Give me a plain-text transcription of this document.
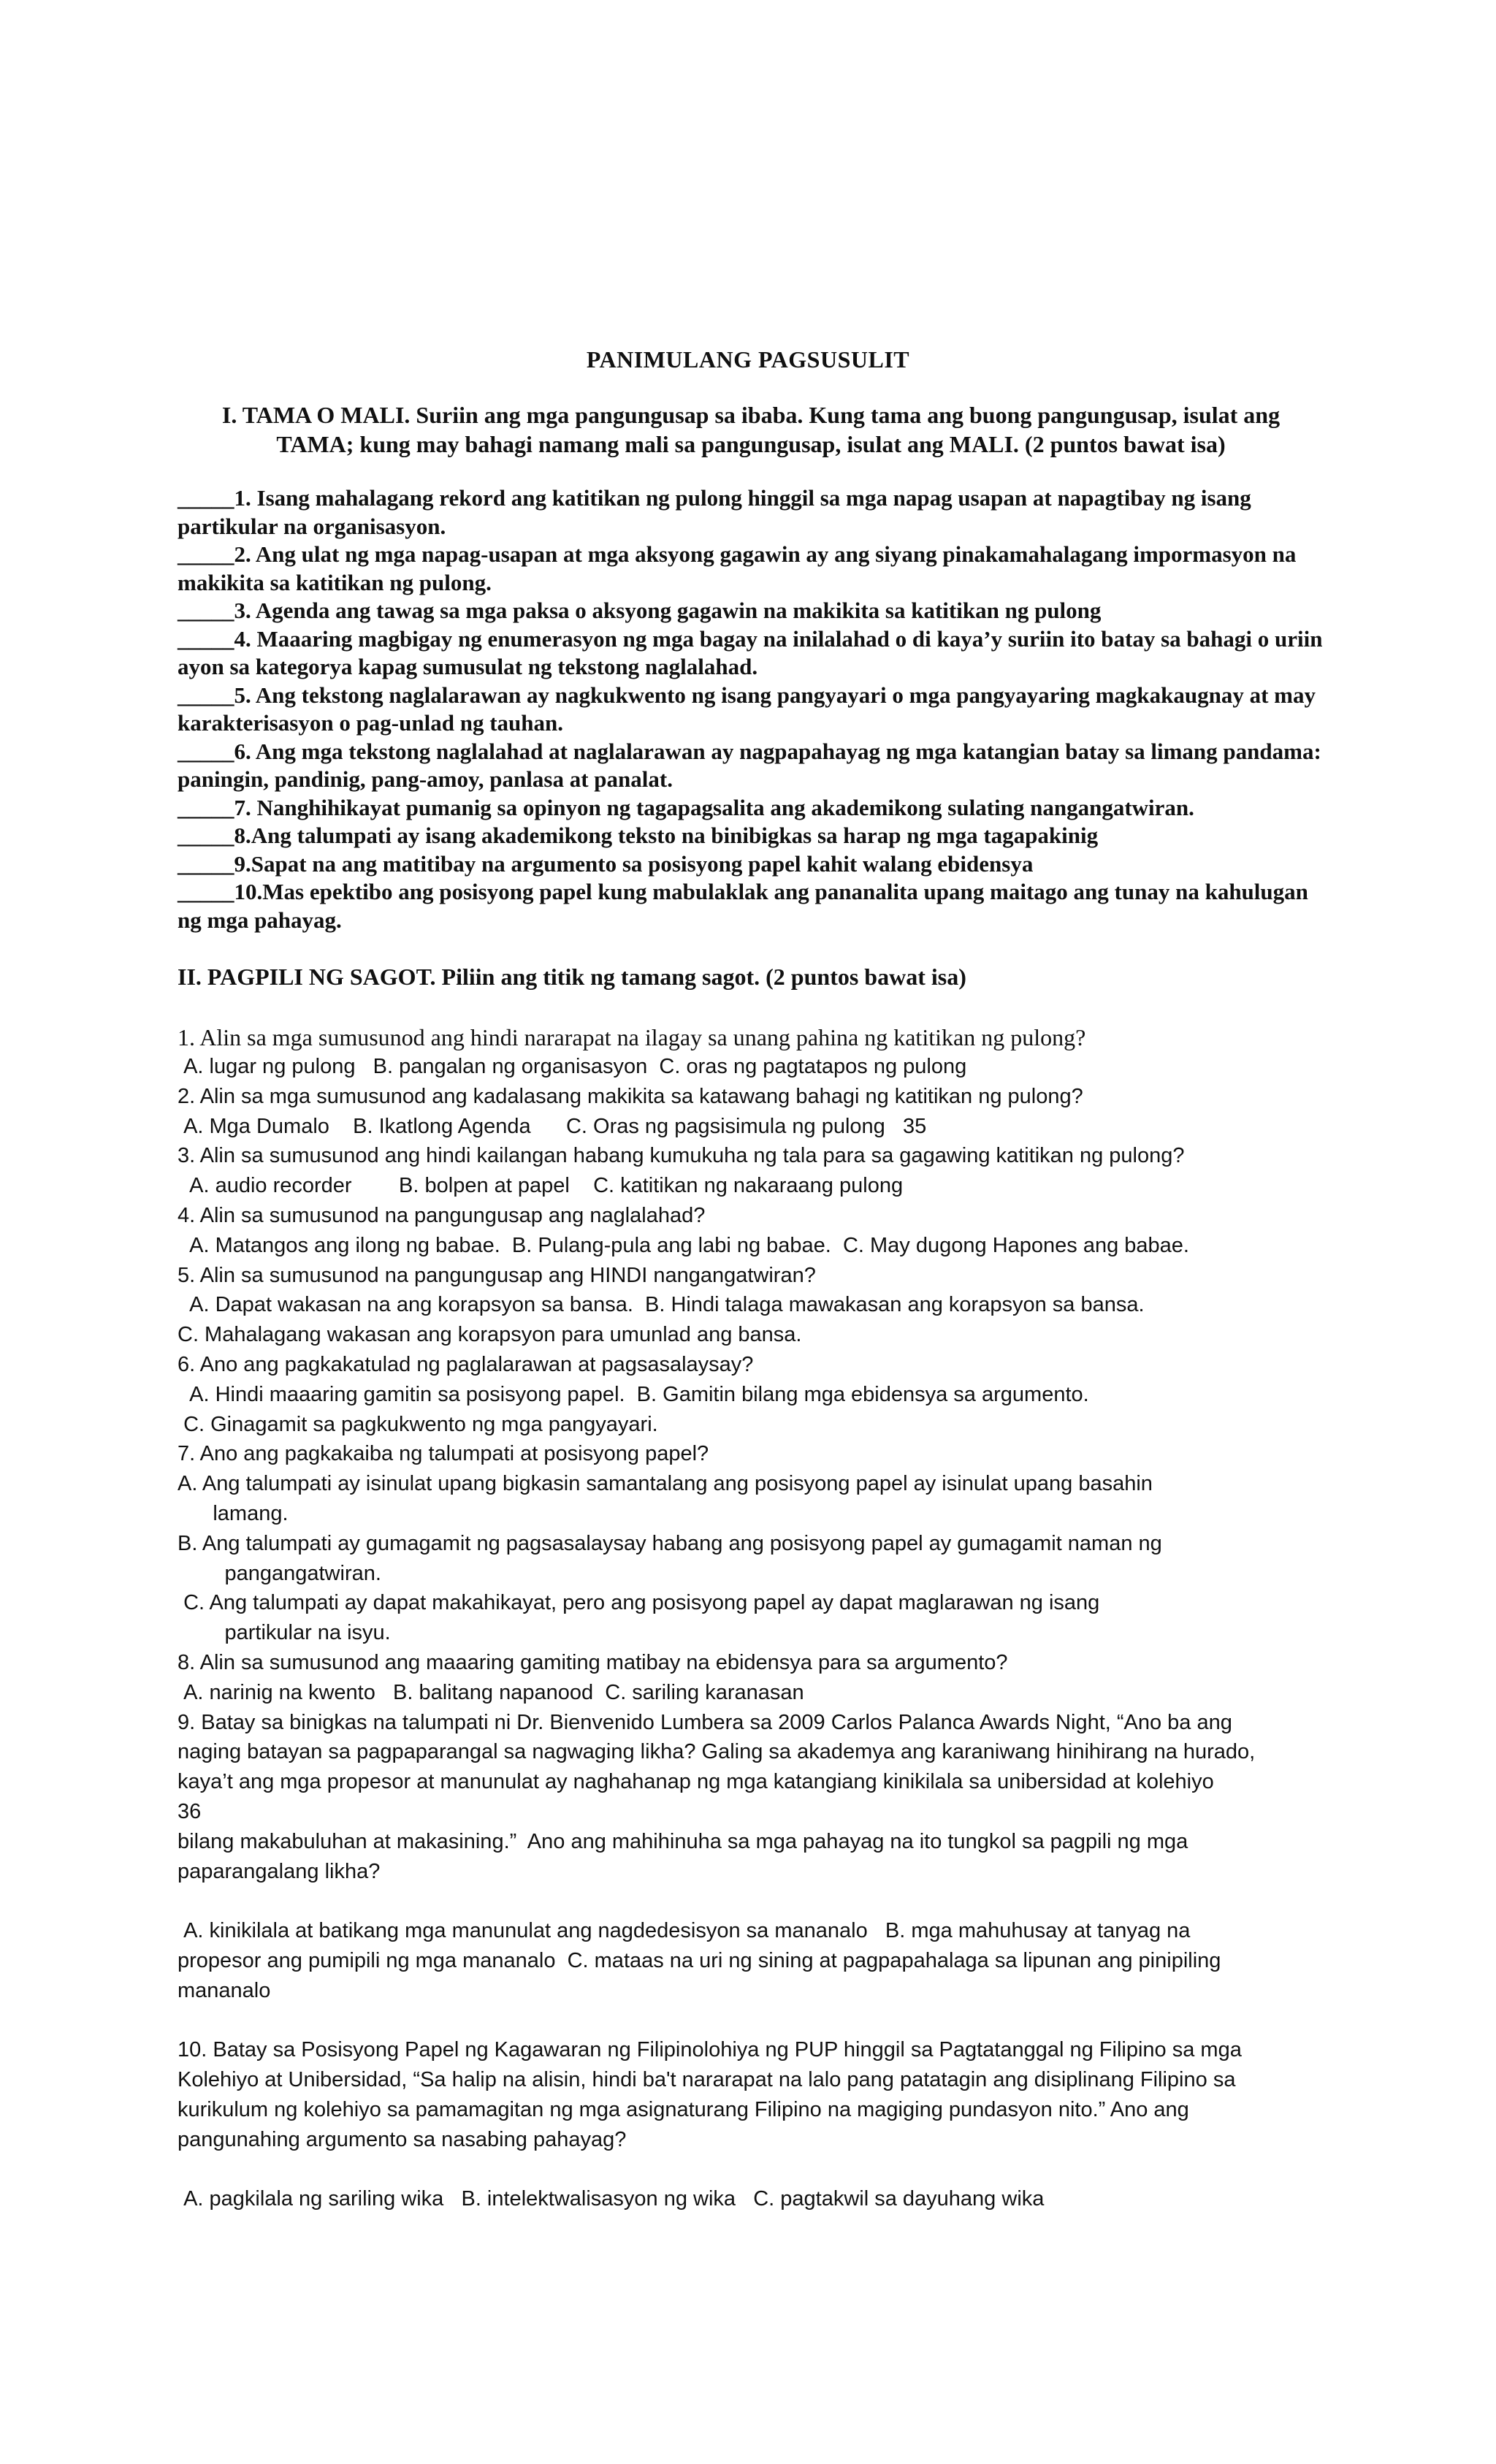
PANIMULANG PAGSUSULIT
I. TAMA O MALI. Suriin ang mga pangungusap sa ibaba. Kung tama ang buong pangungusap, isulat ang TAMA; kung may bahagi namang mali sa pangungusap, isulat ang MALI. (2 puntos bawat isa)

_____1. Isang mahalagang rekord ang katitikan ng pulong hinggil sa mga napag usapan at napagtibay ng isang partikular na organisasyon.

_____2. Ang ulat ng mga napag-usapan at mga aksyong gagawin ay ang siyang pinakamahalagang impormasyon na makikita sa katitikan ng pulong.

_____3. Agenda ang tawag sa mga paksa o aksyong gagawin na makikita sa katitikan ng pulong

_____4. Maaaring magbigay ng enumerasyon ng mga bagay na inilalahad o di kaya’y suriin ito batay sa bahagi o uriin ayon sa kategorya kapag sumusulat ng tekstong naglalahad.

_____5. Ang tekstong naglalarawan ay nagkukwento ng isang pangyayari o mga pangyayaring magkakaugnay at may karakterisasyon o pag-unlad ng tauhan.

_____6. Ang mga tekstong naglalahad at naglalarawan ay nagpapahayag ng mga katangian batay sa limang pandama: paningin, pandinig, pang-amoy, panlasa at panalat.

_____7. Nanghihikayat pumanig sa opinyon ng tagapagsalita ang akademikong sulating nangangatwiran.

_____8.Ang talumpati ay isang akademikong teksto na binibigkas sa harap ng mga tagapakinig

_____9.Sapat na ang matitibay na argumento sa posisyong papel kahit walang ebidensya

_____10.Mas epektibo ang posisyong papel kung mabulaklak ang pananalita upang maitago ang tunay na kahulugan ng mga pahayag.

II. PAGPILI NG SAGOT. Piliin ang titik ng tamang sagot. (2 puntos bawat isa)
1. Alin sa mga sumusunod ang hindi nararapat na ilagay sa unang pahina ng katitikan ng pulong?

A. lugar ng pulong   B. pangalan ng organisasyon  C. oras ng pagtatapos ng pulong

2. Alin sa mga sumusunod ang kadalasang makikita sa katawang bahagi ng katitikan ng pulong?

A. Mga Dumalo    B. Ikatlong Agenda      C. Oras ng pagsisimula ng pulong   35

3. Alin sa sumusunod ang hindi kailangan habang kumukuha ng tala para sa gagawing katitikan ng pulong?

A. audio recorder        B. bolpen at papel    C. katitikan ng nakaraang pulong

4. Alin sa sumusunod na pangungusap ang naglalahad?

A. Matangos ang ilong ng babae.  B. Pulang-pula ang labi ng babae.  C. May dugong Hapones ang babae.

5. Alin sa sumusunod na pangungusap ang HINDI nangangatwiran?

A. Dapat wakasan na ang korapsyon sa bansa.  B. Hindi talaga mawakasan ang korapsyon sa bansa.

C. Mahalagang wakasan ang korapsyon para umunlad ang bansa.

6. Ano ang pagkakatulad ng paglalarawan at pagsasalaysay?

A. Hindi maaaring gamitin sa posisyong papel.  B. Gamitin bilang mga ebidensya sa argumento.

C. Ginagamit sa pagkukwento ng mga pangyayari.

7. Ano ang pagkakaiba ng talumpati at posisyong papel?

A. Ang talumpati ay isinulat upang bigkasin samantalang ang posisyong papel ay isinulat upang basahin

lamang.

B. Ang talumpati ay gumagamit ng pagsasalaysay habang ang posisyong papel ay gumagamit naman ng

pangangatwiran.

C. Ang talumpati ay dapat makahikayat, pero ang posisyong papel ay dapat maglarawan ng isang

partikular na isyu.

8. Alin sa sumusunod ang maaaring gamiting matibay na ebidensya para sa argumento?

A. narinig na kwento   B. balitang napanood  C. sariling karanasan

9. Batay sa binigkas na talumpati ni Dr. Bienvenido Lumbera sa 2009 Carlos Palanca Awards Night, “Ano ba ang

naging batayan sa pagpaparangal sa nagwaging likha? Galing sa akademya ang karaniwang hinihirang na hurado,

kaya’t ang mga propesor at manunulat ay naghahanap ng mga katangiang kinikilala sa unibersidad at kolehiyo

36

bilang makabuluhan at makasining.”  Ano ang mahihinuha sa mga pahayag na ito tungkol sa pagpili ng mga

paparangalang likha?

A. kinikilala at batikang mga manunulat ang nagdedesisyon sa mananalo   B. mga mahuhusay at tanyag na

propesor ang pumipili ng mga mananalo  C. mataas na uri ng sining at pagpapahalaga sa lipunan ang pinipiling

mananalo

10. Batay sa Posisyong Papel ng Kagawaran ng Filipinolohiya ng PUP hinggil sa Pagtatanggal ng Filipino sa mga

Kolehiyo at Unibersidad, “Sa halip na alisin, hindi ba't nararapat na lalo pang patatagin ang disiplinang Filipino sa

kurikulum ng kolehiyo sa pamamagitan ng mga asignaturang Filipino na magiging pundasyon nito.” Ano ang

pangunahing argumento sa nasabing pahayag?

A. pagkilala ng sariling wika   B. intelektwalisasyon ng wika   C. pagtakwil sa dayuhang wika
